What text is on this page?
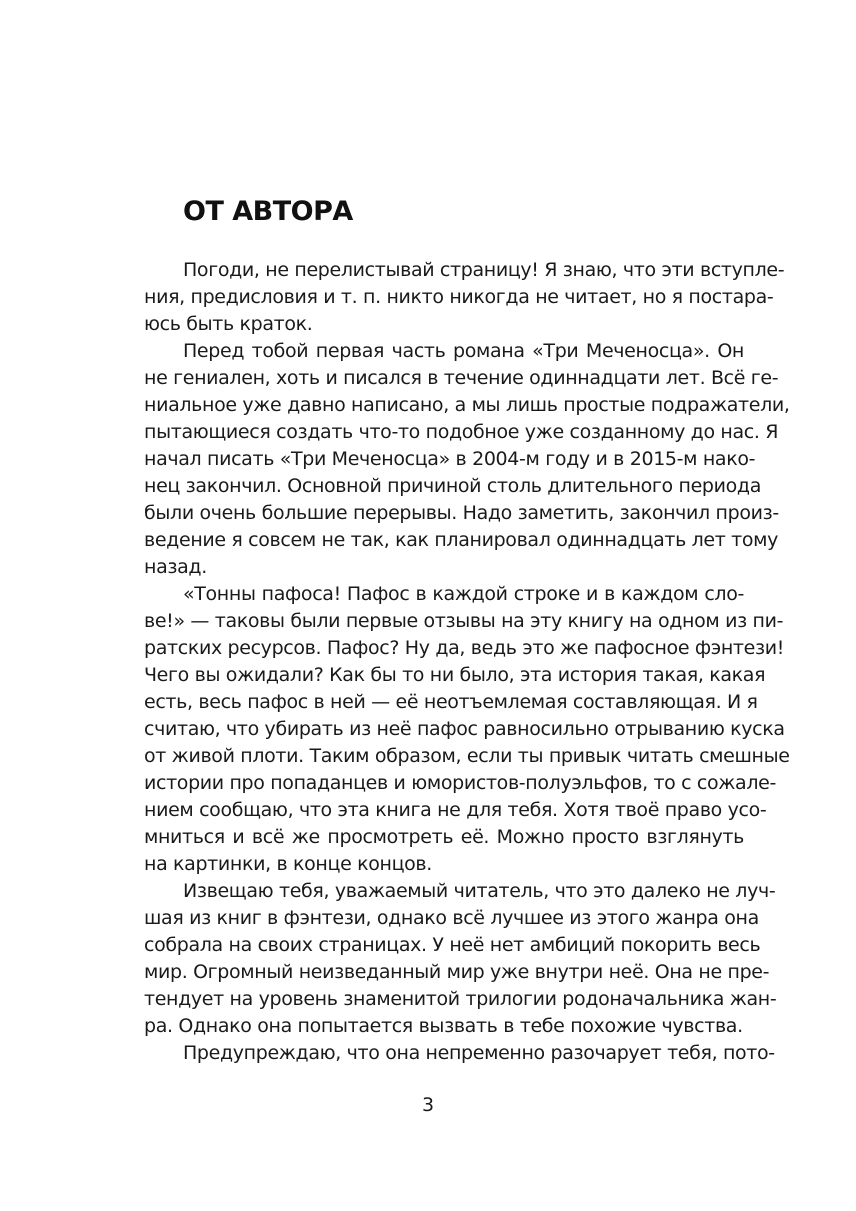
ОТ АВТОРА
Погоди, не перелистывай страницу! Я знаю, что эти вступле-
ния, предисловия и т. п. никто никогда не читает, но я постара-
юсь быть краток.
Перед тобой первая часть романа «Три Меченосца». Он
не гениален, хоть и писался в течение одиннадцати лет. Всё ге-
ниальное уже давно написано, а мы лишь простые подражатели,
пытающиеся создать что-то подобное уже созданному до нас. Я
начал писать «Три Меченосца» в 2004-м году и в 2015-м нако-
нец закончил. Основной причиной столь длительного периода
были очень большие перерывы. Надо заметить, закончил произ-
ведение я совсем не так, как планировал одиннадцать лет тому
назад.
«Тонны пафоса! Пафос в каждой строке и в каждом сло-
ве!» — таковы были первые отзывы на эту книгу на одном из пи-
ратских ресурсов. Пафос? Ну да, ведь это же пафосное фэнтези!
Чего вы ожидали? Как бы то ни было, эта история такая, какая
есть, весь пафос в ней — её неотъемлемая составляющая. И я
считаю, что убирать из неё пафос равносильно отрыванию куска
от живой плоти. Таким образом, если ты привык читать смешные
истории про попаданцев и юмористов-полуэльфов, то с сожале-
нием сообщаю, что эта книга не для тебя. Хотя твоё право усо-
мниться и всё же просмотреть её. Можно просто взглянуть
на картинки, в конце концов.
Извещаю тебя, уважаемый читатель, что это далеко не луч-
шая из книг в фэнтези, однако всё лучшее из этого жанра она
собрала на своих страницах. У неё нет амбиций покорить весь
мир. Огромный неизведанный мир уже внутри неё. Она не пре-
тендует на уровень знаменитой трилогии родоначальника жан-
ра. Однако она попытается вызвать в тебе похожие чувства.
Предупреждаю, что она непременно разочарует тебя, пото-
3
